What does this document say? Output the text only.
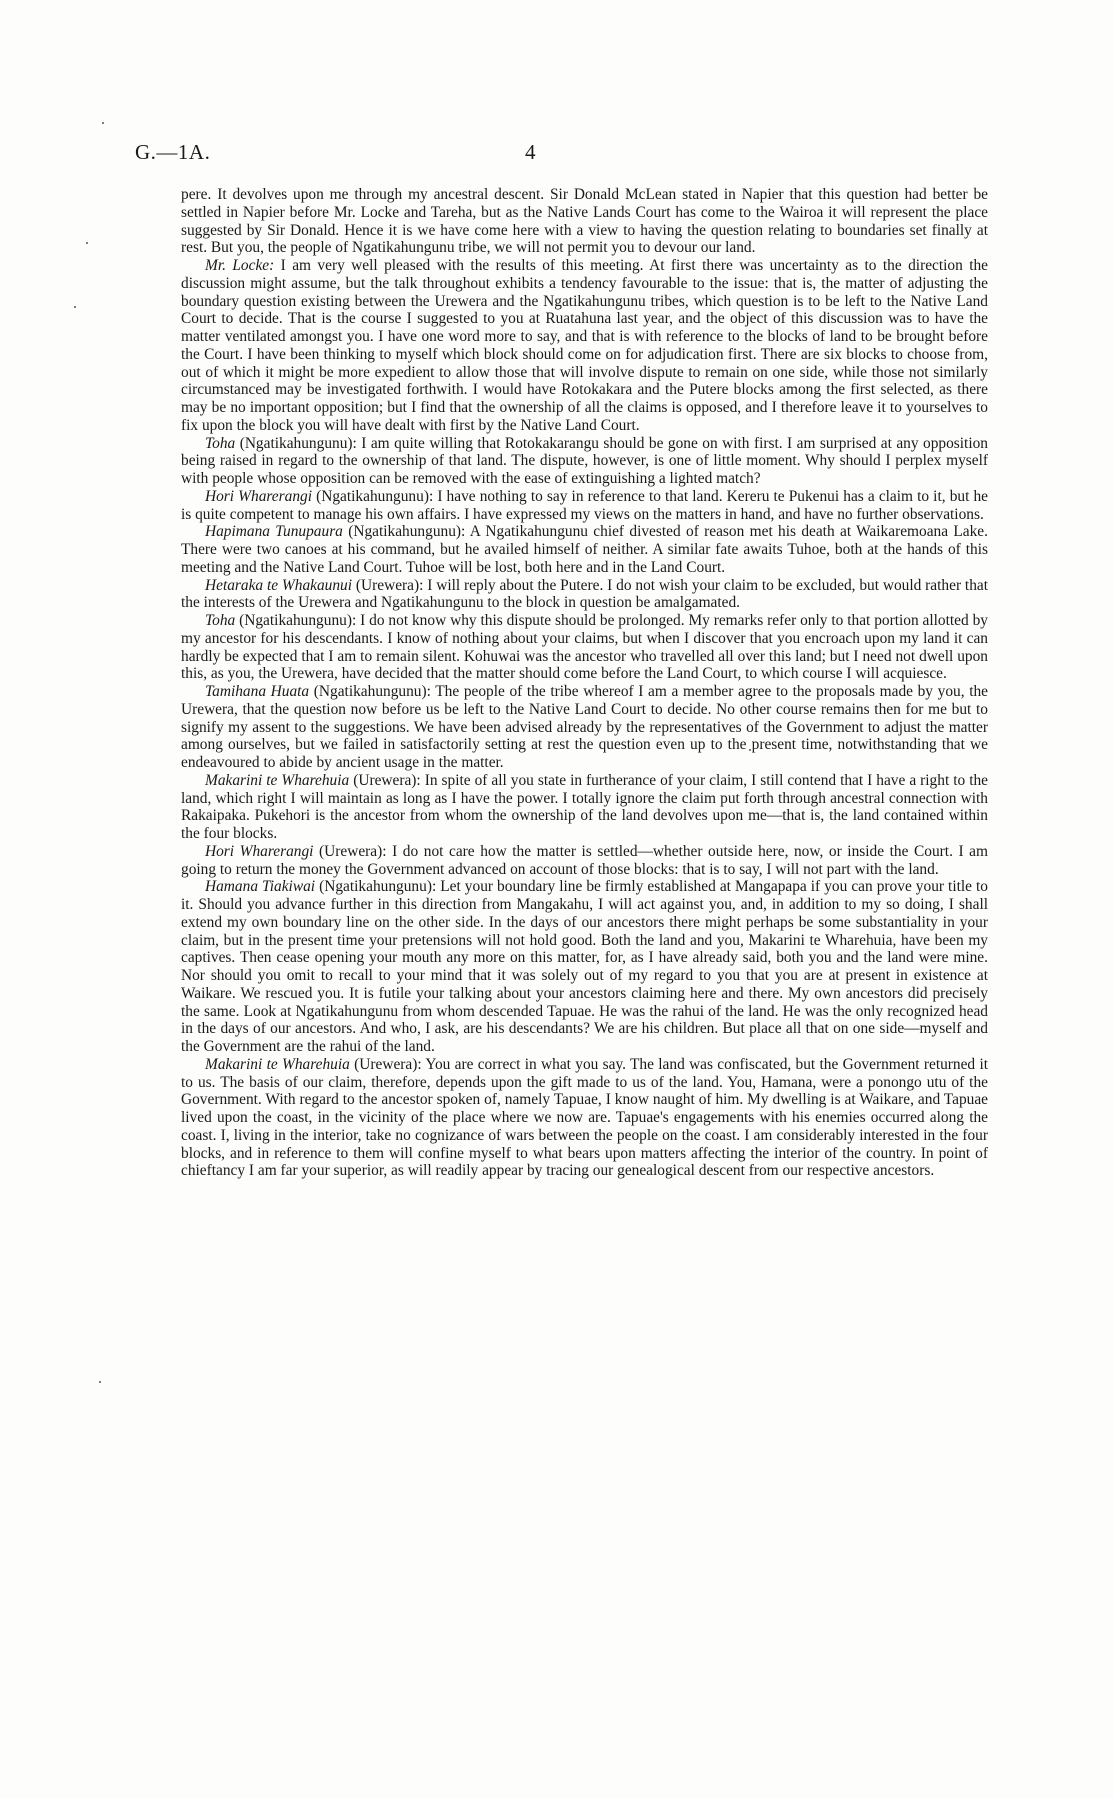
G.—1A.	4

pere. It devolves upon me through my ancestral descent. Sir Donald McLean stated in Napier that this question had better be settled in Napier before Mr. Locke and Tareha, but as the Native Lands Court has come to the Wairoa it will represent the place suggested by Sir Donald. Hence it is we have come here with a view to having the question relating to boundaries set finally at rest. But you, the people of Ngatikahungunu tribe, we will not permit you to devour our land.

Mr. Locke: I am very well pleased with the results of this meeting. At first there was uncertainty as to the direction the discussion might assume, but the talk throughout exhibits a tendency favourable to the issue: that is, the matter of adjusting the boundary question existing between the Urewera and the Ngatikahungunu tribes, which question is to be left to the Native Land Court to decide. That is the course I suggested to you at Ruatahuna last year, and the object of this discussion was to have the matter ventilated amongst you. I have one word more to say, and that is with reference to the blocks of land to be brought before the Court. I have been thinking to myself which block should come on for adjudication first. There are six blocks to choose from, out of which it might be more expedient to allow those that will involve dispute to remain on one side, while those not similarly circumstanced may be investigated forthwith. I would have Rotokakara and the Putere blocks among the first selected, as there may be no important opposition; but I find that the ownership of all the claims is opposed, and I therefore leave it to yourselves to fix upon the block you will have dealt with first by the Native Land Court.

Toha (Ngatikahungunu): I am quite willing that Rotokakarangu should be gone on with first. I am surprised at any opposition being raised in regard to the ownership of that land. The dispute, however, is one of little moment. Why should I perplex myself with people whose opposition can be removed with the ease of extinguishing a lighted match?

Hori Wharerangi (Ngatikahungunu): I have nothing to say in reference to that land. Kereru te Pukenui has a claim to it, but he is quite competent to manage his own affairs. I have expressed my views on the matters in hand, and have no further observations.

Hapimana Tunupaura (Ngatikahungunu): A Ngatikahungunu chief divested of reason met his death at Waikaremoana Lake. There were two canoes at his command, but he availed himself of neither. A similar fate awaits Tuhoe, both at the hands of this meeting and the Native Land Court. Tuhoe will be lost, both here and in the Land Court.

Hetaraka te Whakaunui (Urewera): I will reply about the Putere. I do not wish your claim to be excluded, but would rather that the interests of the Urewera and Ngatikahungunu to the block in question be amalgamated.

Toha (Ngatikahungunu): I do not know why this dispute should be prolonged. My remarks refer only to that portion allotted by my ancestor for his descendants. I know of nothing about your claims, but when I discover that you encroach upon my land it can hardly be expected that I am to remain silent. Kohuwai was the ancestor who travelled all over this land; but I need not dwell upon this, as you, the Urewera, have decided that the matter should come before the Land Court, to which course I will acquiesce.

Tamihana Huata (Ngatikahungunu): The people of the tribe whereof I am a member agree to the proposals made by you, the Urewera, that the question now before us be left to the Native Land Court to decide. No other course remains then for me but to signify my assent to the suggestions. We have been advised already by the representatives of the Government to adjust the matter among ourselves, but we failed in satisfactorily setting at rest the question even up to the present time, notwithstanding that we endeavoured to abide by ancient usage in the matter.

Makarini te Wharehuia (Urewera): In spite of all you state in furtherance of your claim, I still contend that I have a right to the land, which right I will maintain as long as I have the power. I totally ignore the claim put forth through ancestral connection with Rakaipaka. Pukehori is the ancestor from whom the ownership of the land devolves upon me—that is, the land contained within the four blocks.

Hori Wharerangi (Urewera): I do not care how the matter is settled—whether outside here, now, or inside the Court. I am going to return the money the Government advanced on account of those blocks: that is to say, I will not part with the land.

Hamana Tiakiwai (Ngatikahungunu): Let your boundary line be firmly established at Mangapapa if you can prove your title to it. Should you advance further in this direction from Mangakahu, I will act against you, and, in addition to my so doing, I shall extend my own boundary line on the other side. In the days of our ancestors there might perhaps be some substantiality in your claim, but in the present time your pretensions will not hold good. Both the land and you, Makarini te Wharehuia, have been my captives. Then cease opening your mouth any more on this matter, for, as I have already said, both you and the land were mine. Nor should you omit to recall to your mind that it was solely out of my regard to you that you are at present in existence at Waikare. We rescued you. It is futile your talking about your ancestors claiming here and there. My own ancestors did precisely the same. Look at Ngatikahungunu from whom descended Tapuae. He was the rahui of the land. He was the only recognized head in the days of our ancestors. And who, I ask, are his descendants? We are his children. But place all that on one side—myself and the Government are the rahui of the land.

Makarini te Wharehuia (Urewera): You are correct in what you say. The land was confiscated, but the Government returned it to us. The basis of our claim, therefore, depends upon the gift made to us of the land. You, Hamana, were a ponongo utu of the Government. With regard to the ancestor spoken of, namely Tapuae, I know naught of him. My dwelling is at Waikare, and Tapuae lived upon the coast, in the vicinity of the place where we now are. Tapuae's engagements with his enemies occurred along the coast. I, living in the interior, take no cognizance of wars between the people on the coast. I am considerably interested in the four blocks, and in reference to them will confine myself to what bears upon matters affecting the interior of the country. In point of chieftancy I am far your superior, as will readily appear by tracing our genealogical descent from our respective ancestors.
